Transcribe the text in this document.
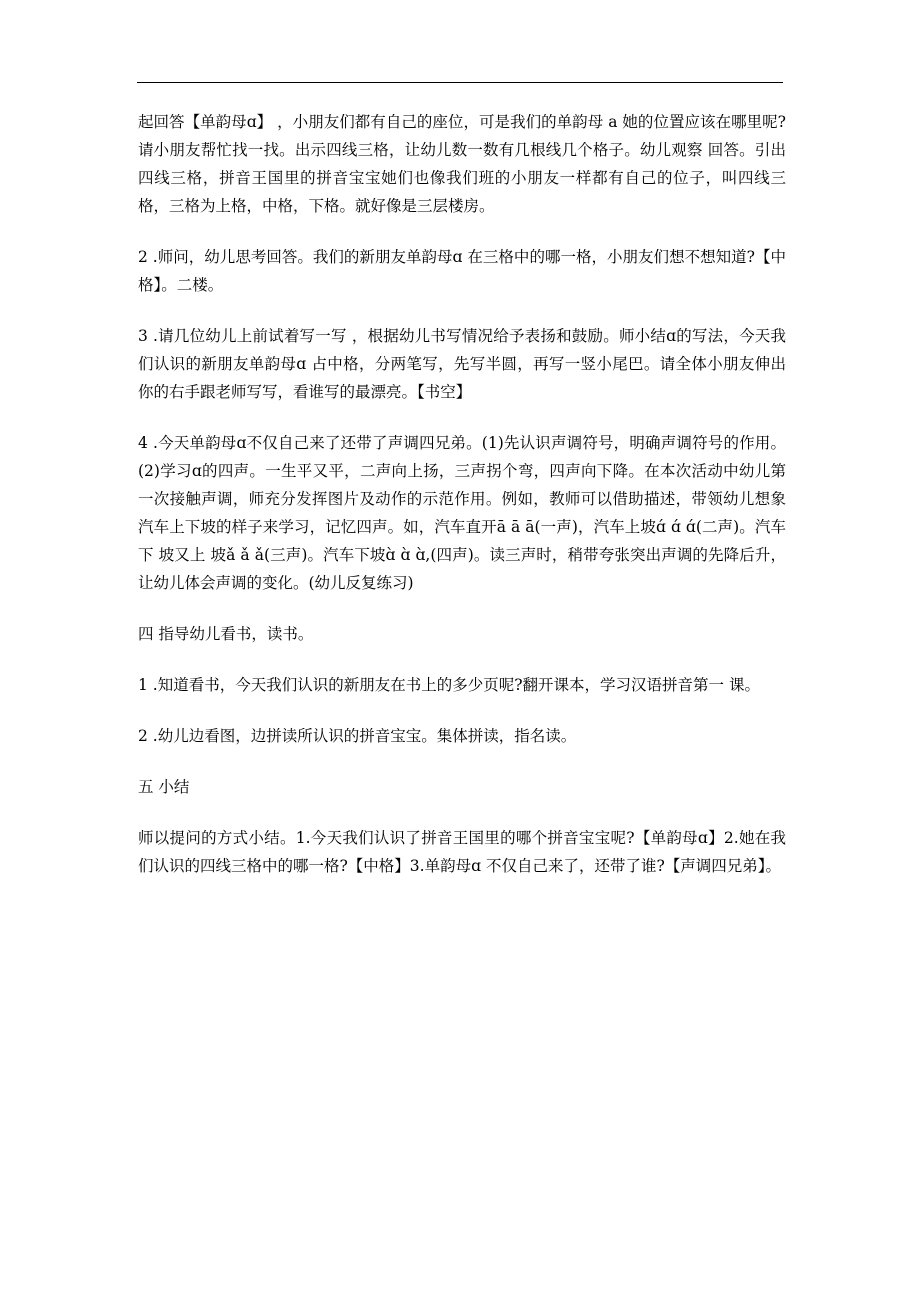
起回答【单韵母ɑ】 ，小朋友们都有自己的座位，可是我们的单韵母 a 她的位置应该在哪里呢?请小朋友帮忙找一找。出示四线三格，让幼儿数一数有几根线几个格子。幼儿观察 回答。引出四线三格，拼音王国里的拼音宝宝她们也像我们班的小朋友一样都有自己的位子，叫四线三格，三格为上格，中格，下格。就好像是三层楼房。

2 .师问，幼儿思考回答。我们的新朋友单韵母ɑ 在三格中的哪一格，小朋友们想不想知道?【中格】。二楼。

3 .请几位幼儿上前试着写一写 ，根据幼儿书写情况给予表扬和鼓励。师小结ɑ的写法，今天我们认识的新朋友单韵母ɑ 占中格，分两笔写，先写半圆，再写一竖小尾巴。请全体小朋友伸出你的右手跟老师写写，看谁写的最漂亮。【书空】

4 .今天单韵母ɑ不仅自己来了还带了声调四兄弟。(1)先认识声调符号，明确声调符号的作用。(2)学习ɑ的四声。一生平又平，二声向上扬，三声拐个弯，四声向下降。在本次活动中幼儿第一次接触声调，师充分发挥图片及动作的示范作用。例如，教师可以借助描述，带领幼儿想象汽车上下坡的样子来学习，记忆四声。如，汽车直开ā ā ā(一声)，汽车上坡ɑ́ ɑ́ ɑ́(二声)。汽车下 坡又上 坡ǎ ǎ ǎ(三声)。汽车下坡ɑ̀ ɑ̀ ɑ̀,(四声)。读三声时，稍带夸张突出声调的先降后升，让幼儿体会声调的变化。(幼儿反复练习)

四 指导幼儿看书，读书。

1 .知道看书，今天我们认识的新朋友在书上的多少页呢?翻开课本，学习汉语拼音第一 课。

2 .幼儿边看图，边拼读所认识的拼音宝宝。集体拼读，指名读。

五 小结

师以提问的方式小结。1.今天我们认识了拼音王国里的哪个拼音宝宝呢?【单韵母ɑ】2.她在我们认识的四线三格中的哪一格?【中格】3.单韵母ɑ 不仅自己来了，还带了谁?【声调四兄弟】。
